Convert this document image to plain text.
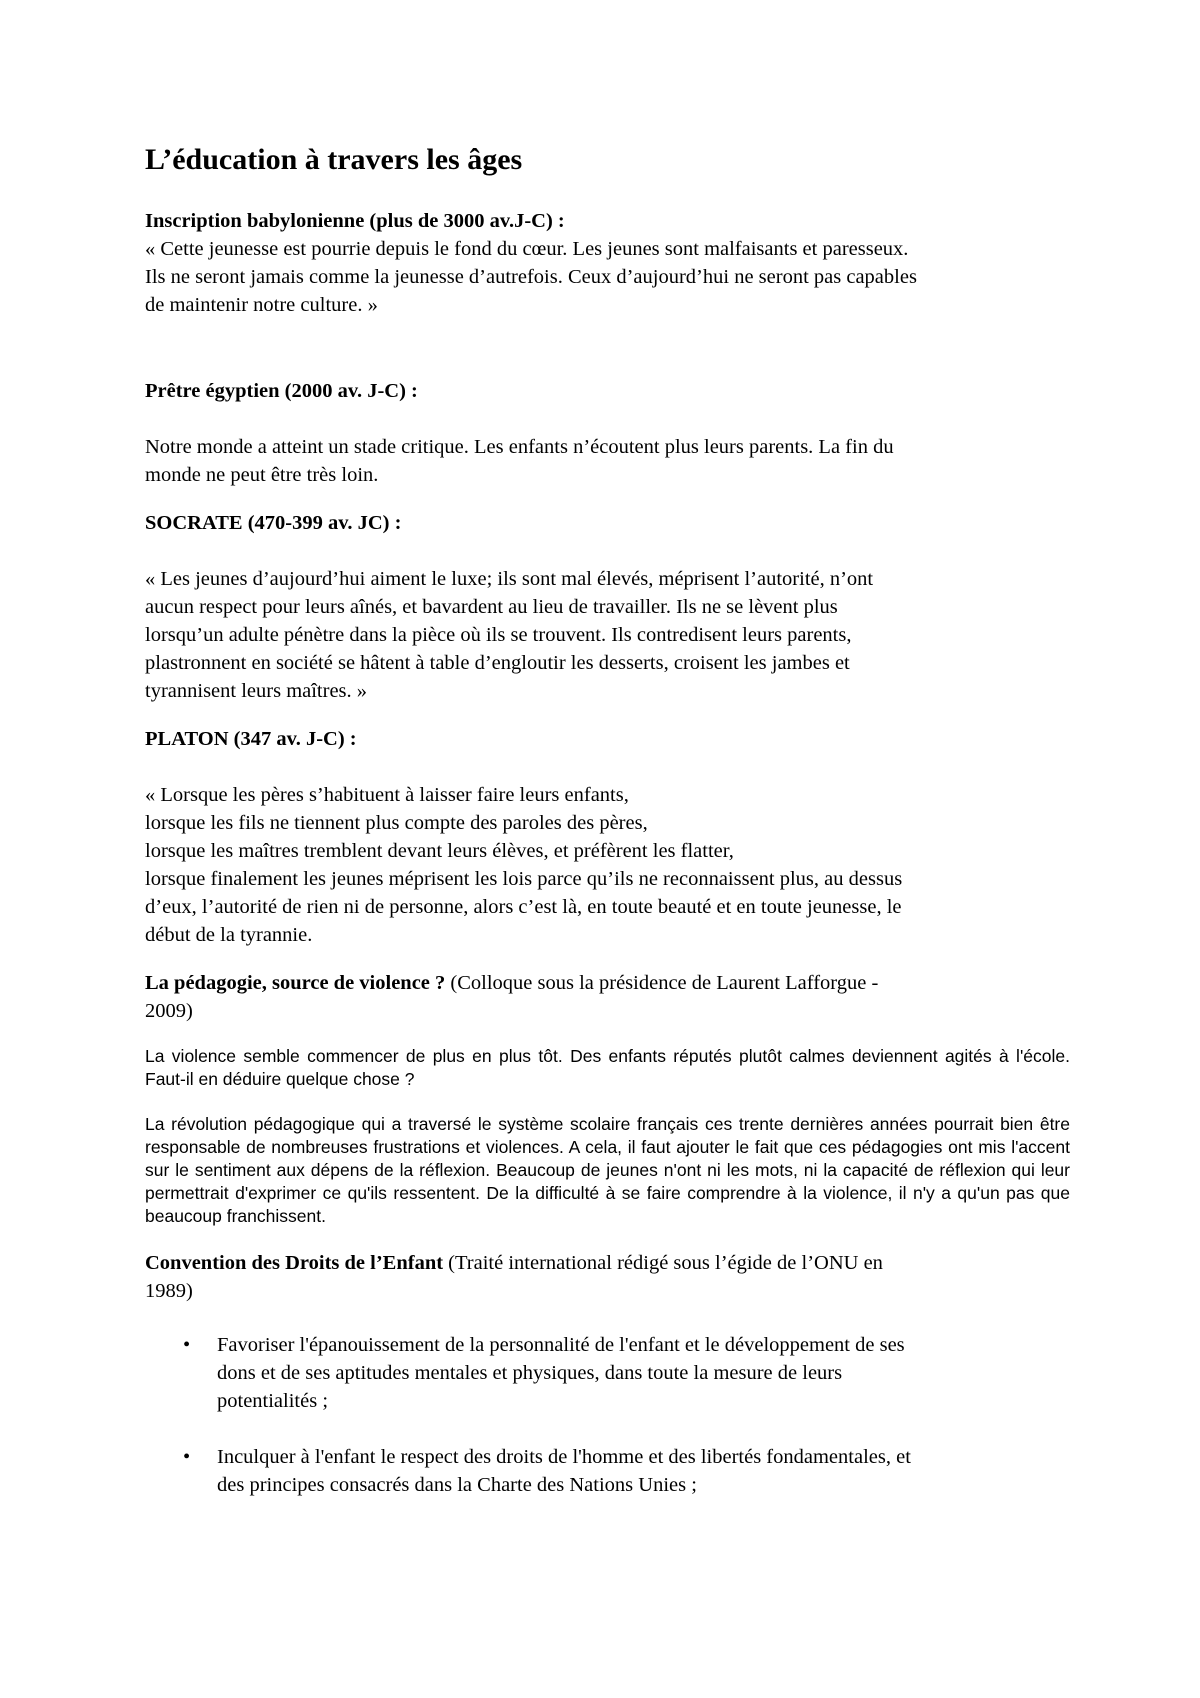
L’éducation à travers les âges

Inscription babylonienne (plus de 3000 av.J-C) :

« Cette jeunesse est pourrie depuis le fond du cœur. Les jeunes sont malfaisants et paresseux.
Ils ne seront jamais comme la jeunesse d’autrefois. Ceux d’aujourd’hui ne seront pas capables
de maintenir notre culture. »

Prêtre égyptien (2000 av. J-C) :

Notre monde a atteint un stade critique. Les enfants n’écoutent plus leurs parents. La fin du
monde ne peut être très loin.

SOCRATE (470-399 av. JC) :

« Les jeunes d’aujourd’hui aiment le luxe; ils sont mal élevés, méprisent l’autorité, n’ont
aucun respect pour leurs aînés, et bavardent au lieu de travailler. Ils ne se lèvent plus
lorsqu’un adulte pénètre dans la pièce où ils se trouvent. Ils contredisent leurs parents,
plastronnent en société se hâtent à table d’engloutir les desserts, croisent les jambes et
tyrannisent leurs maîtres. »

PLATON (347 av. J-C) :

« Lorsque les pères s’habituent à laisser faire leurs enfants,
lorsque les fils ne tiennent plus compte des paroles des pères,
lorsque les maîtres tremblent devant leurs élèves, et préfèrent les flatter,
lorsque finalement les jeunes méprisent les lois parce qu’ils ne reconnaissent plus, au dessus
d’eux, l’autorité de rien ni de personne, alors c’est là, en toute beauté et en toute jeunesse, le
début de la tyrannie.

La pédagogie, source de violence ? (Colloque sous la présidence de Laurent Lafforgue -
2009)

La violence semble commencer de plus en plus tôt. Des enfants réputés plutôt calmes deviennent agités à l'école. Faut-il en déduire quelque chose ?

La révolution pédagogique qui a traversé le système scolaire français ces trente dernières années pourrait bien être responsable de nombreuses frustrations et violences. A cela, il faut ajouter le fait que ces pédagogies ont mis l'accent sur le sentiment aux dépens de la réflexion. Beaucoup de jeunes n'ont ni les mots, ni la capacité de réflexion qui leur permettrait d'exprimer ce qu'ils ressentent. De la difficulté à se faire comprendre à la violence, il n'y a qu'un pas que beaucoup franchissent.

Convention des Droits de l’Enfant (Traité international rédigé sous l’égide de l’ONU en
1989)

• Favoriser l'épanouissement de la personnalité de l'enfant et le développement de ses
dons et de ses aptitudes mentales et physiques, dans toute la mesure de leurs
potentialités ;
• Inculquer à l'enfant le respect des droits de l'homme et des libertés fondamentales, et
des principes consacrés dans la Charte des Nations Unies ;
